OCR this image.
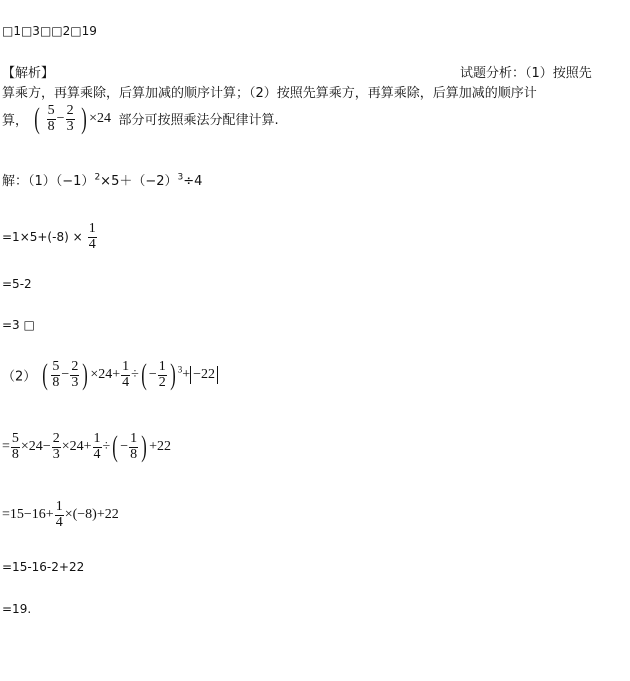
□1□3□□2□19
【解析】	试题分析：（1）按照先
算乘方，再算乘除，后算加减的顺序计算；（2）按照先算乘方，再算乘除，后算加减的顺序计
算， ( $\frac{5}{8} - \frac{2}{3}$ ) ×24 部分可按照乘法分配律计算.
解：$(1)(-1)^2\times 5+(-2)^3\div 4$
$=1\times 5+(-8) \times \frac{1}{4}$
=5-2
=3 □
（2） ( $\frac{5}{8} - \frac{2}{3}$ ) $\times 24+ \frac{1}{4}$ ÷( − $\frac{1}{2}$ ) $^3$+ −22
= $\frac{5}{8} \times 24- \frac{2}{3} \times 24+ \frac{1}{4}$ ÷( − $\frac{1}{8}$ ) +22
$=15-16+ \frac{1}{4} \times(-8)+22$
=15-16-2+22
=19.
